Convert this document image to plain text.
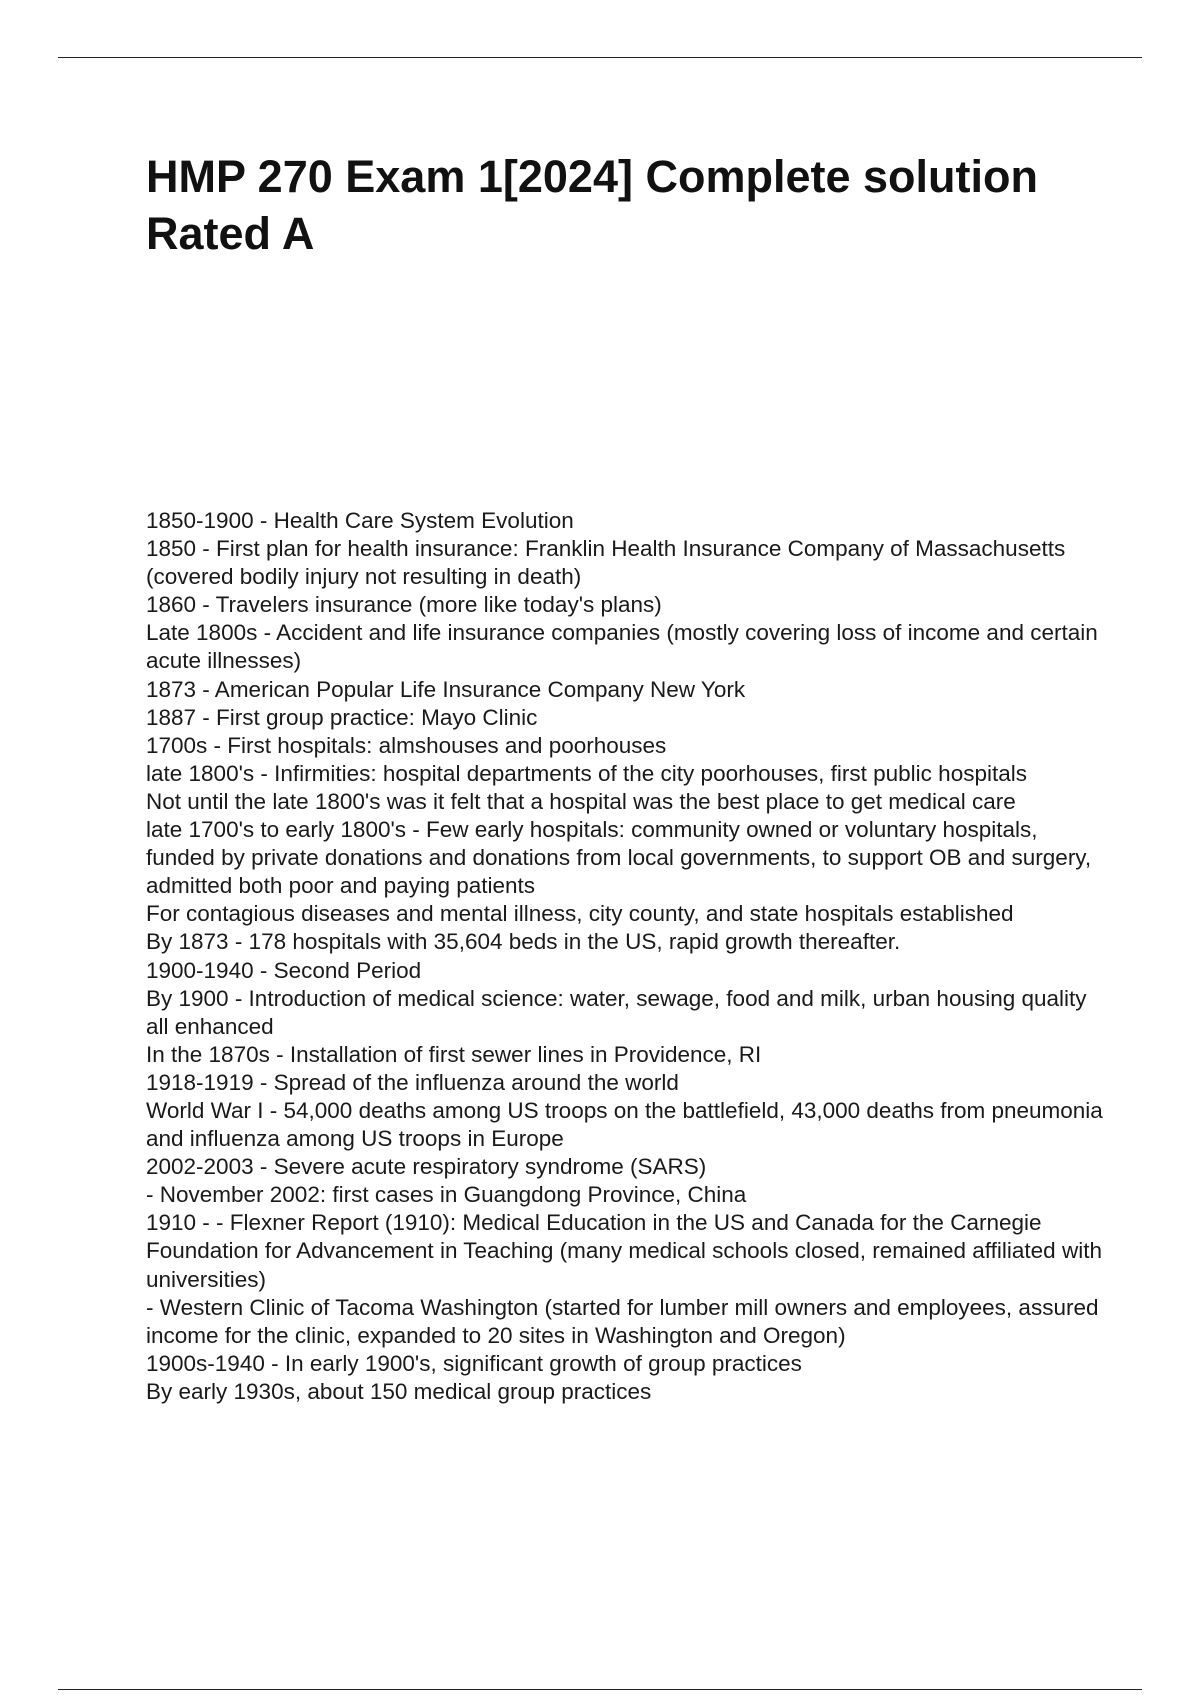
HMP 270 Exam 1[2024] Complete solution Rated A

1850-1900 - Health Care System Evolution

1850 - First plan for health insurance: Franklin Health Insurance Company of Massachusetts (covered bodily injury not resulting in death)

1860 - Travelers insurance (more like today's plans)

Late 1800s - Accident and life insurance companies (mostly covering loss of income and certain acute illnesses)

1873 - American Popular Life Insurance Company New York

1887 - First group practice: Mayo Clinic

1700s - First hospitals: almshouses and poorhouses

late 1800's - Infirmities: hospital departments of the city poorhouses, first public hospitals

Not until the late 1800's was it felt that a hospital was the best place to get medical care

late 1700's to early 1800's - Few early hospitals: community owned or voluntary hospitals, funded by private donations and donations from local governments, to support OB and surgery, admitted both poor and paying patients

For contagious diseases and mental illness, city county, and state hospitals established

By 1873 - 178 hospitals with 35,604 beds in the US, rapid growth thereafter.

1900-1940 - Second Period

By 1900 - Introduction of medical science: water, sewage, food and milk, urban housing quality all enhanced

In the 1870s - Installation of first sewer lines in Providence, RI

1918-1919 - Spread of the influenza around the world

World War I - 54,000 deaths among US troops on the battlefield, 43,000 deaths from pneumonia and influenza among US troops in Europe

2002-2003 - Severe acute respiratory syndrome (SARS)

- November 2002: first cases in Guangdong Province, China

1910 - - Flexner Report (1910): Medical Education in the US and Canada for the Carnegie Foundation for Advancement in Teaching (many medical schools closed, remained affiliated with universities)

- Western Clinic of Tacoma Washington (started for lumber mill owners and employees, assured income for the clinic, expanded to 20 sites in Washington and Oregon)

1900s-1940 - In early 1900's, significant growth of group practices

By early 1930s, about 150 medical group practices
